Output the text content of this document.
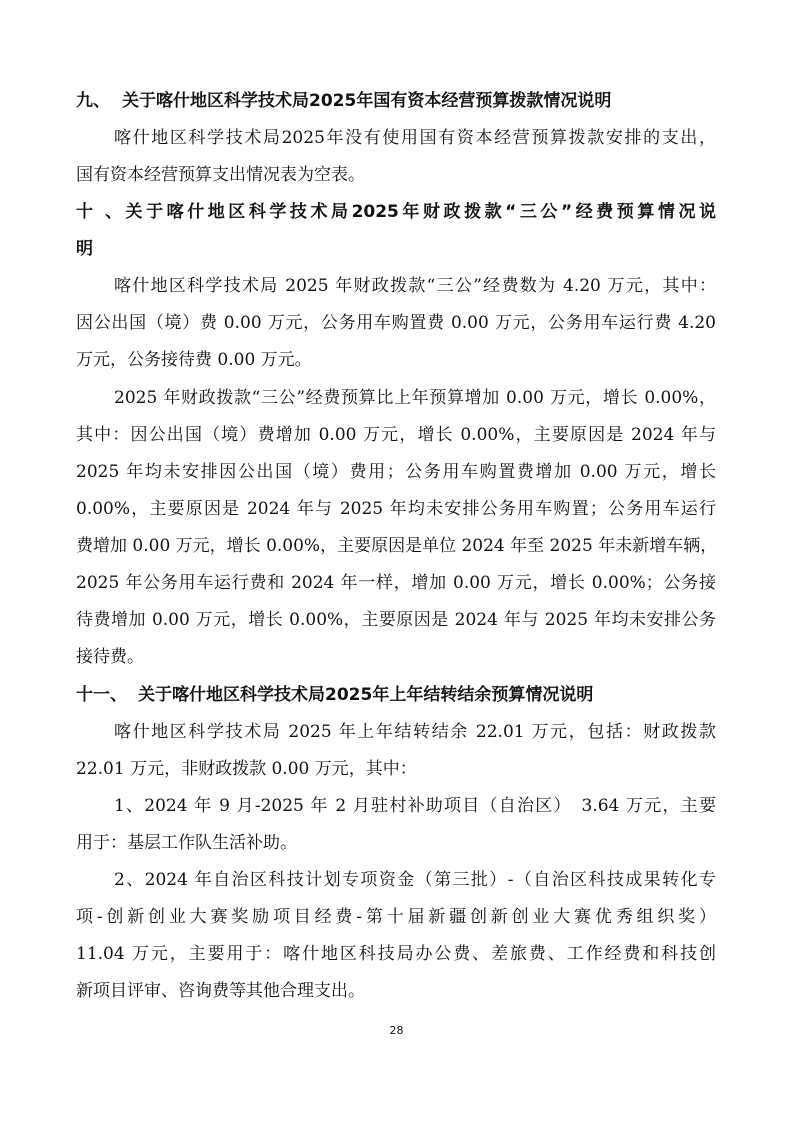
九、 关于喀什地区科学技术局2025年国有资本经营预算拨款情况说明
喀什地区科学技术局2025年没有使用国有资本经营预算拨款安排的支出，
国有资本经营预算支出情况表为空表。
十、关于喀什地区科学技术局2025年财政拨款“三公”经费预算情况说
明
喀什地区科学技术局 2025 年财政拨款“三公”经费数为 4.20 万元，其中：
因公出国（境）费 0.00 万元，公务用车购置费 0.00 万元，公务用车运行费 4.20
万元，公务接待费 0.00 万元。
2025 年财政拨款“三公”经费预算比上年预算增加 0.00 万元，增长 0.00%，
其中：因公出国（境）费增加 0.00 万元，增长 0.00%，主要原因是 2024 年与
2025 年均未安排因公出国（境）费用；公务用车购置费增加 0.00 万元，增长
0.00%，主要原因是 2024 年与 2025 年均未安排公务用车购置；公务用车运行
费增加 0.00 万元，增长 0.00%，主要原因是单位 2024 年至 2025 年未新增车辆，
2025 年公务用车运行费和 2024 年一样，增加 0.00 万元，增长 0.00%；公务接
待费增加 0.00 万元，增长 0.00%，主要原因是 2024 年与 2025 年均未安排公务
接待费。
十一、 关于喀什地区科学技术局2025年上年结转结余预算情况说明
喀什地区科学技术局 2025 年上年结转结余 22.01 万元，包括：财政拨款
22.01 万元，非财政拨款 0.00 万元，其中：
1、2024 年 9 月-2025 年 2 月驻村补助项目（自治区）　3.64 万元，主要
用于：基层工作队生活补助。
2、2024 年自治区科技计划专项资金（第三批）-（自治区科技成果转化专
项-创新创业大赛奖励项目经费-第十届新疆创新创业大赛优秀组织奖）
11.04 万元，主要用于：喀什地区科技局办公费、差旅费、工作经费和科技创
新项目评审、咨询费等其他合理支出。
28
